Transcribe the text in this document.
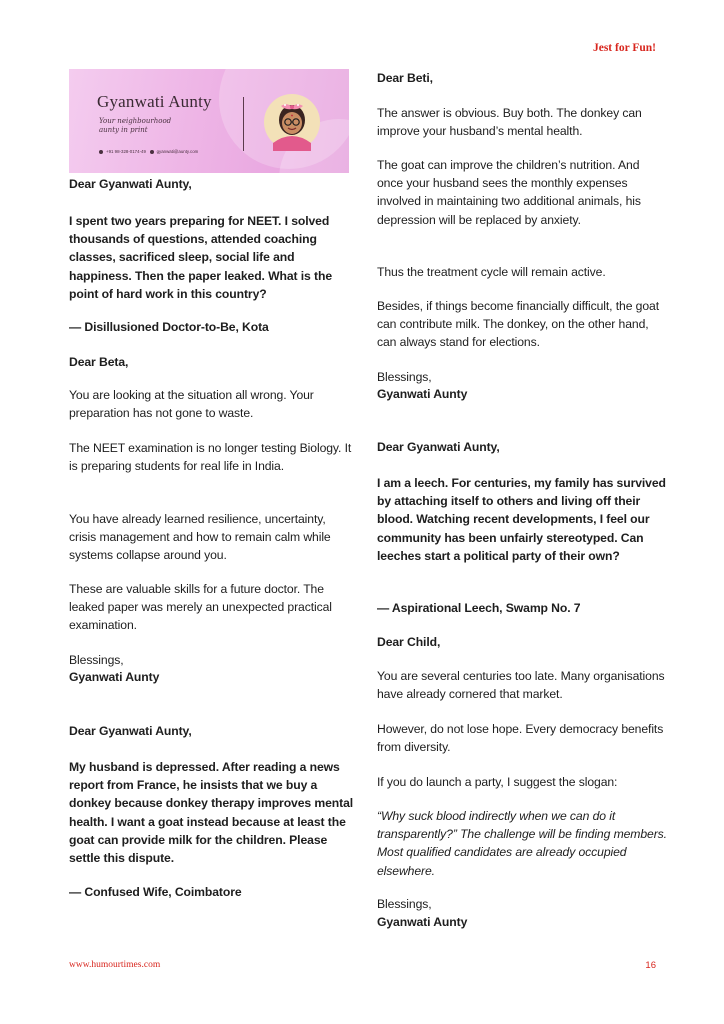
Jest for Fun!
Gyanwati Aunty
Your neighbourhood aunty in print
+91 98-328-0174-49 gyanwati@aunty.com

Dear Gyanwati Aunty,

I spent two years preparing for NEET. I solved thousands of questions, attended coaching classes, sacrificed sleep, social life and happiness. Then the paper leaked. What is the point of hard work in this country?

— Disillusioned Doctor-to-Be, Kota

Dear Beta,

You are looking at the situation all wrong. Your preparation has not gone to waste.

The NEET examination is no longer testing Biology. It is preparing students for real life in India.

You have already learned resilience, uncertainty, crisis management and how to remain calm while systems collapse around you.

These are valuable skills for a future doctor. The leaked paper was merely an unexpected practical examination.

Blessings,

Gyanwati Aunty

Dear Gyanwati Aunty,

My husband is depressed. After reading a news report from France, he insists that we buy a donkey because donkey therapy improves mental health. I want a goat instead because at least the goat can provide milk for the children. Please settle this dispute.

— Confused Wife, Coimbatore

Dear Beti,

The answer is obvious. Buy both. The donkey can improve your husband’s mental health.

The goat can improve the children’s nutrition. And once your husband sees the monthly expenses involved in maintaining two additional animals, his depression will be replaced by anxiety.

Thus the treatment cycle will remain active.

Besides, if things become financially difficult, the goat can contribute milk. The donkey, on the other hand, can always stand for elections.

Blessings,

Gyanwati Aunty

Dear Gyanwati Aunty,

I am a leech. For centuries, my family has survived by attaching itself to others and living off their blood. Watching recent developments, I feel our community has been unfairly stereotyped. Can leeches start a political party of their own?

— Aspirational Leech, Swamp No. 7

Dear Child,

You are several centuries too late. Many organisations have already cornered that market.

However, do not lose hope. Every democracy benefits from diversity.

If you do launch a party, I suggest the slogan:

“Why suck blood indirectly when we can do it transparently?” The challenge will be finding members. Most qualified candidates are already occupied elsewhere.

Blessings,

Gyanwati Aunty

www.humourtimes.com	16
